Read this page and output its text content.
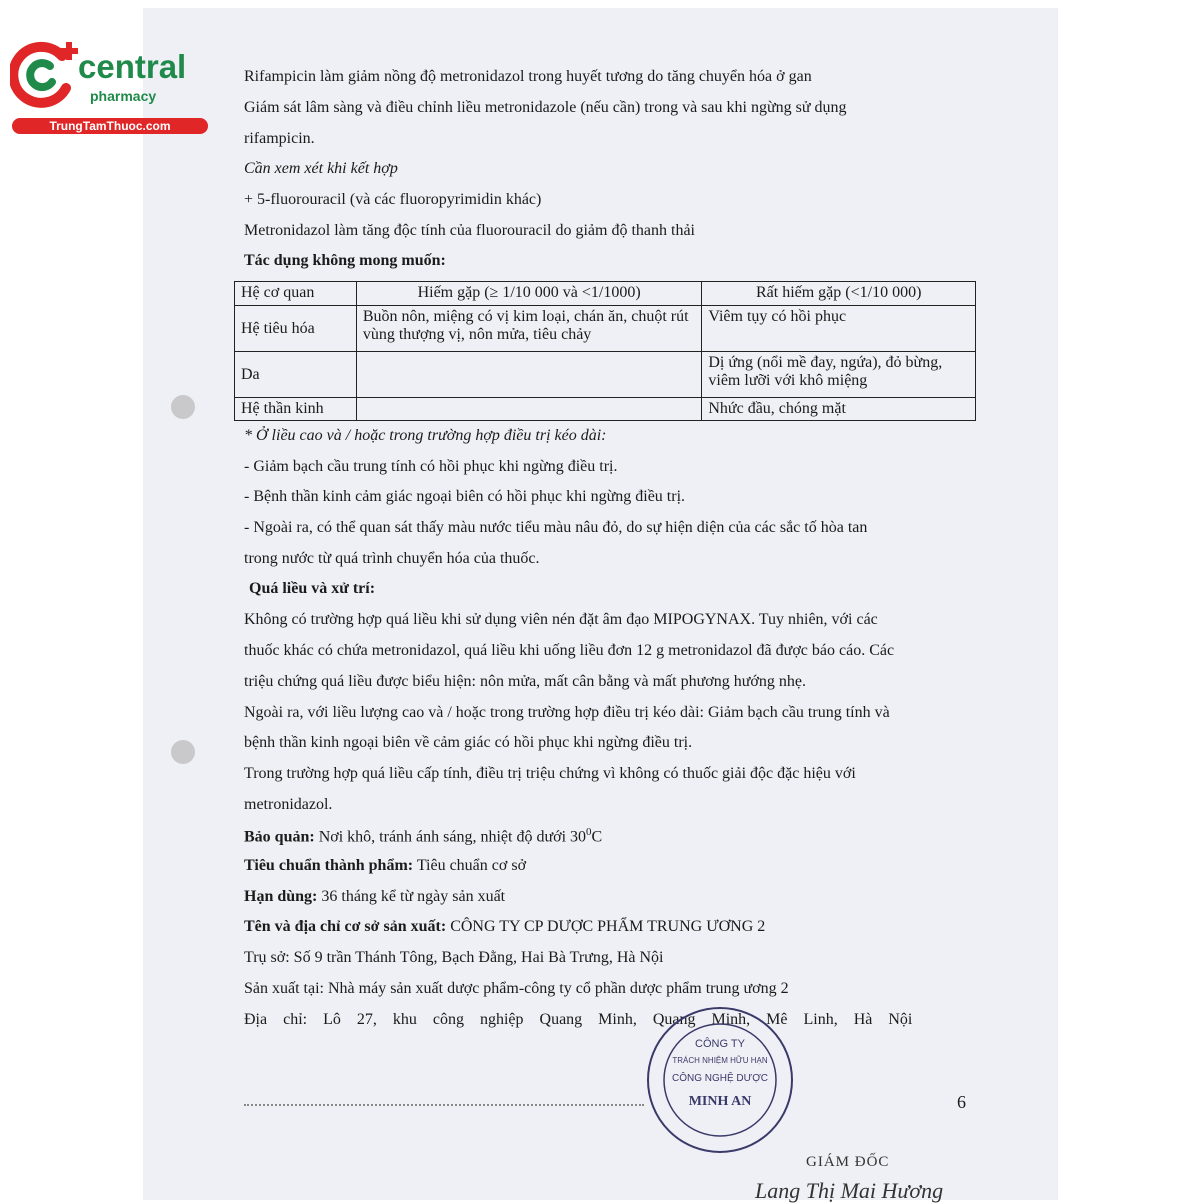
central
pharmacy
TrungTamThuoc.com
Rifampicin làm giảm nồng độ metronidazol trong huyết tương do tăng chuyển hóa ở gan
Giám sát lâm sàng và điều chỉnh liều metronidazole (nếu cần) trong và sau khi ngừng sử dụng
rifampicin.
Cần xem xét khi kết hợp
+ 5-fluorouracil (và các fluoropyrimidin khác)
Metronidazol làm tăng độc tính của fluorouracil do giảm độ thanh thải
Tác dụng không mong muốn:
Hệ cơ quan	Hiếm gặp (≥ 1/10 000 và <1/1000)	Rất hiếm gặp (<1/10 000)
Hệ tiêu hóa	Buồn nôn, miệng có vị kim loại, chán ăn, chuột rút vùng thượng vị, nôn mửa, tiêu chảy	Viêm tụy có hồi phục
Da		Dị ứng (nổi mề đay, ngứa), đỏ bừng, viêm lưỡi với khô miệng
Hệ thần kinh		Nhức đầu, chóng mặt
* Ở liều cao và / hoặc trong trường hợp điều trị kéo dài:
- Giảm bạch cầu trung tính có hồi phục khi ngừng điều trị.
- Bệnh thần kinh cảm giác ngoại biên có hồi phục khi ngừng điều trị.
- Ngoài ra, có thể quan sát thấy màu nước tiểu màu nâu đỏ, do sự hiện diện của các sắc tố hòa tan
trong nước từ quá trình chuyển hóa của thuốc.
Quá liều và xử trí:
Không có trường hợp quá liều khi sử dụng viên nén đặt âm đạo MIPOGYNAX. Tuy nhiên, với các
thuốc khác có chứa metronidazol, quá liều khi uống liều đơn 12 g metronidazol đã được báo cáo. Các
triệu chứng quá liều được biểu hiện: nôn mửa, mất cân bằng và mất phương hướng nhẹ.
Ngoài ra, với liều lượng cao và / hoặc trong trường hợp điều trị kéo dài: Giảm bạch cầu trung tính và
bệnh thần kinh ngoại biên về cảm giác có hồi phục khi ngừng điều trị.
Trong trường hợp quá liều cấp tính, điều trị triệu chứng vì không có thuốc giải độc đặc hiệu với
metronidazol.
Bảo quản: Nơi khô, tránh ánh sáng, nhiệt độ dưới $30^0C$
Tiêu chuẩn thành phẩm: Tiêu chuẩn cơ sở
Hạn dùng: 36 tháng kể từ ngày sản xuất
Tên và địa chỉ cơ sở sản xuất: CÔNG TY CP DƯỢC PHẨM TRUNG ƯƠNG 2
Trụ sở: Số 9 trần Thánh Tông, Bạch Đằng, Hai Bà Trưng, Hà Nội
Sản xuất tại: Nhà máy sản xuất dược phẩm-công ty cổ phần dược phẩm trung ương 2
Địa chỉ: Lô 27, khu công nghiệp Quang Minh, Quang Minh, Mê Linh, Hà Nội
6
CÔNG TY
TRÁCH NHIỆM HỮU HẠN
CÔNG NGHỆ DƯỢC
MINH AN
GIÁM ĐỐC
Lang Thị Mai Hương
